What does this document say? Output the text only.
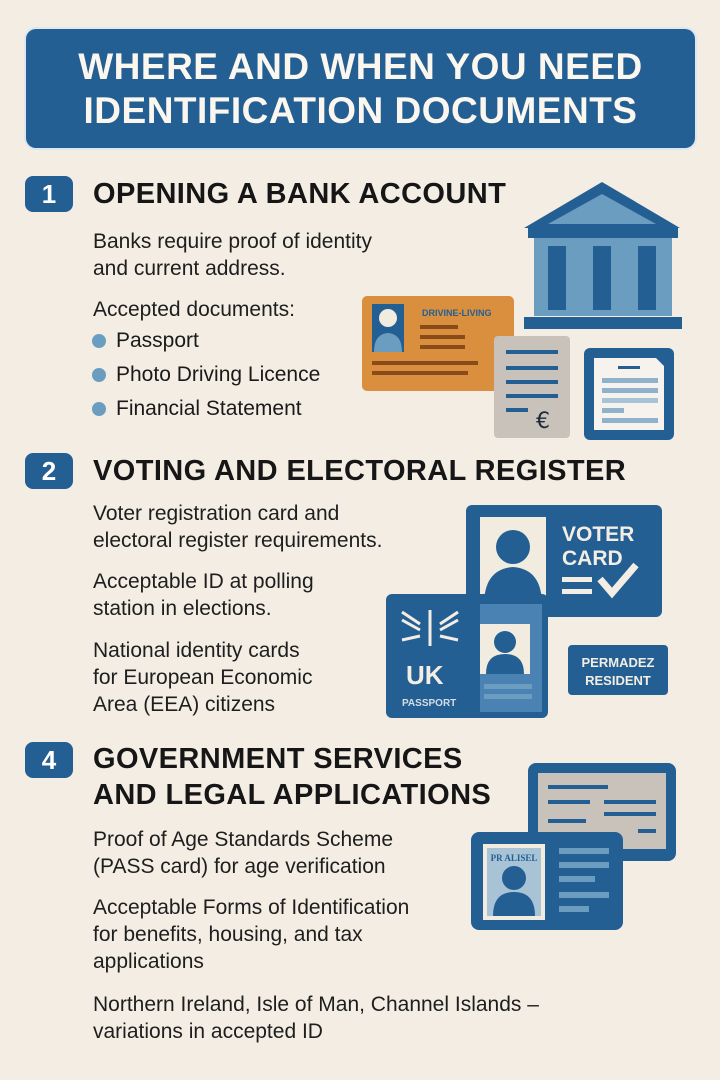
WHERE AND WHEN YOU NEED
IDENTIFICATION DOCUMENTS
1	OPENING A BANK ACCOUNT
Banks require proof of identity
and current address.
Accepted documents:
Passport
Photo Driving Licence
Financial Statement
DRIVINE-LIVING
€
2	VOTING AND ELECTORAL REGISTER
Voter registration card and
electoral register requirements.
Acceptable ID at polling
station in elections.
National identity cards
for European Economic
Area (EEA) citizens
VOTER
CARD
UK
PASSPORT
PERMADEZ
RESIDENT
4	GOVERNMENT SERVICES
AND LEGAL APPLICATIONS
Proof of Age Standards Scheme
(PASS card) for age verification
Acceptable Forms of Identification
for benefits, housing, and tax
applications
Northern Ireland, Isle of Man, Channel Islands –
variations in accepted ID
PR ALISEL
